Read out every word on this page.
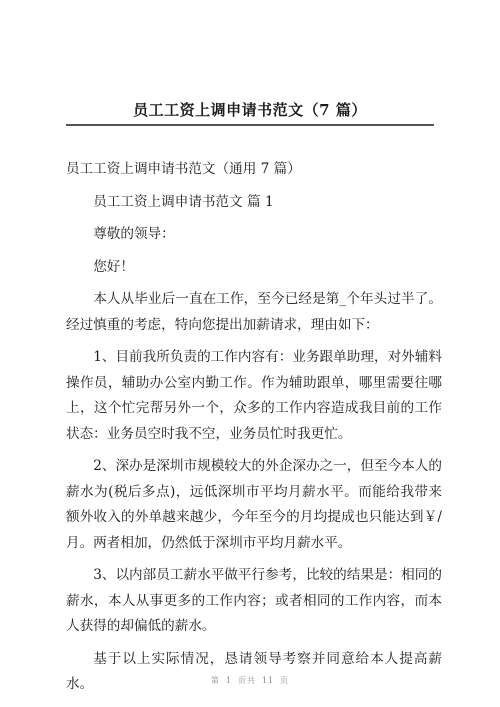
员工工资上调申请书范文（7 篇）

员工工资上调申请书范文（通用 7 篇）

员工工资上调申请书范文 篇 1

尊敬的领导：

您好！

本人从毕业后一直在工作，至今已经是第_个年头过半了。经过慎重的考虑，特向您提出加薪请求，理由如下：

1、目前我所负责的工作内容有：业务跟单助理，对外辅料操作员，辅助办公室内勤工作。作为辅助跟单，哪里需要往哪上，这个忙完帮另外一个，众多的工作内容造成我目前的工作状态：业务员空时我不空，业务员忙时我更忙。

2、深办是深圳市规模较大的外企深办之一，但至今本人的薪水为(税后多点)，远低深圳市平均月薪水平。而能给我带来额外收入的外单越来越少，今年至今的月均提成也只能达到￥/月。两者相加，仍然低于深圳市平均月薪水平。

3、以内部员工薪水平做平行参考，比较的结果是：相同的薪水，本人从事更多的工作内容；或者相同的工作内容，而本人获得的却偏低的薪水。

基于以上实际情况，恳请领导考察并同意给本人提高薪水。	第 1 页共 11 页
